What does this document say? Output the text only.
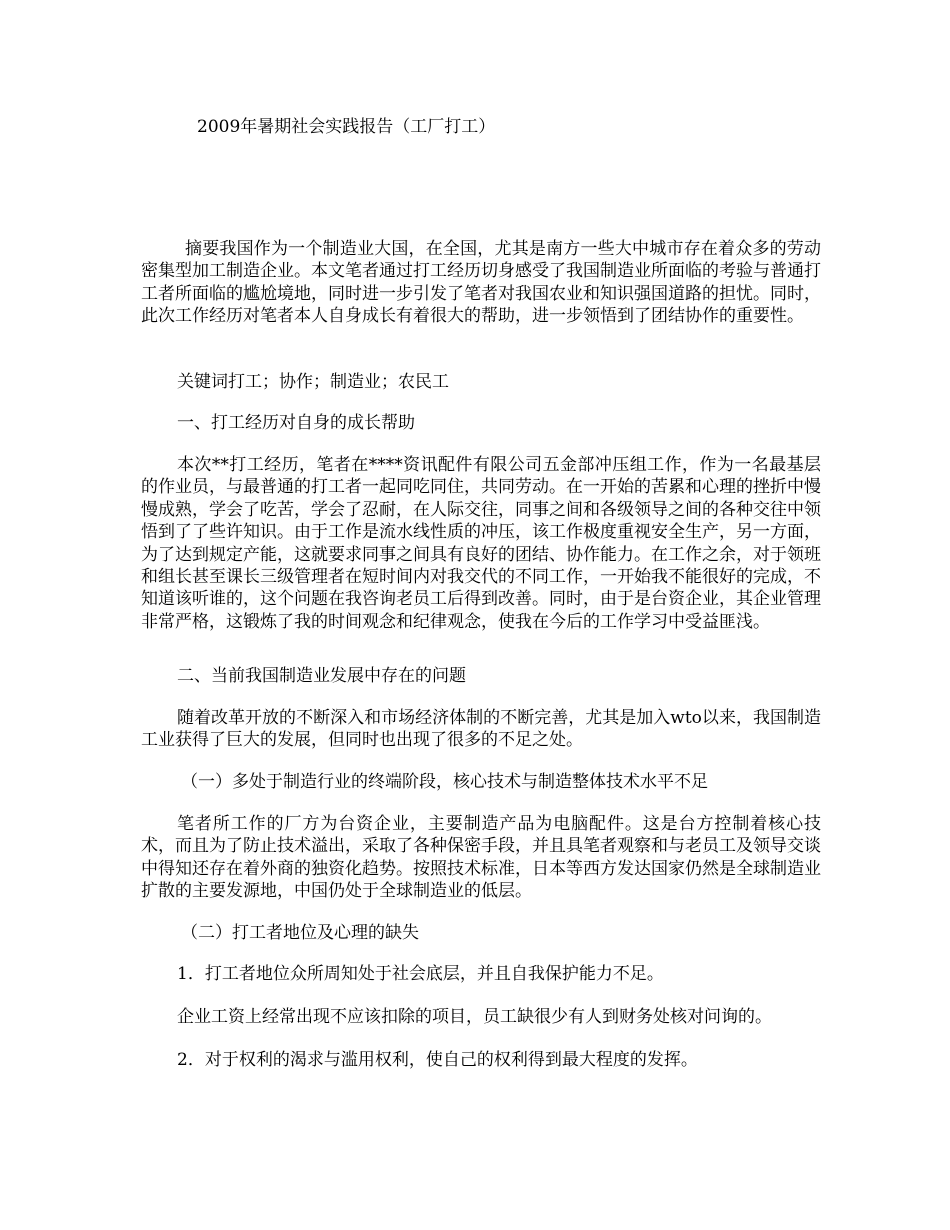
2009年暑期社会实践报告（工厂打工）

摘要我国作为一个制造业大国，在全国，尤其是南方一些大中城市存在着众多的劳动密集型加工制造企业。本文笔者通过打工经历切身感受了我国制造业所面临的考验与普通打工者所面临的尴尬境地，同时进一步引发了笔者对我国农业和知识强国道路的担忧。同时，此次工作经历对笔者本人自身成长有着很大的帮助，进一步领悟到了团结协作的重要性。

关键词打工；协作；制造业；农民工

一、打工经历对自身的成长帮助

本次**打工经历，笔者在****资讯配件有限公司五金部冲压组工作，作为一名最基层的作业员，与最普通的打工者一起同吃同住，共同劳动。在一开始的苦累和心理的挫折中慢慢成熟，学会了吃苦，学会了忍耐，在人际交往，同事之间和各级领导之间的各种交往中领悟到了了些许知识。由于工作是流水线性质的冲压，该工作极度重视安全生产，另一方面，为了达到规定产能，这就要求同事之间具有良好的团结、协作能力。在工作之余，对于领班和组长甚至课长三级管理者在短时间内对我交代的不同工作，一开始我不能很好的完成，不知道该听谁的，这个问题在我咨询老员工后得到改善。同时，由于是台资企业，其企业管理非常严格，这锻炼了我的时间观念和纪律观念，使我在今后的工作学习中受益匪浅。

二、当前我国制造业发展中存在的问题

随着改革开放的不断深入和市场经济体制的不断完善，尤其是加入wto以来，我国制造工业获得了巨大的发展，但同时也出现了很多的不足之处。

（一）多处于制造行业的终端阶段，核心技术与制造整体技术水平不足

笔者所工作的厂方为台资企业，主要制造产品为电脑配件。这是台方控制着核心技术，而且为了防止技术溢出，采取了各种保密手段，并且具笔者观察和与老员工及领导交谈中得知还存在着外商的独资化趋势。按照技术标准，日本等西方发达国家仍然是全球制造业扩散的主要发源地，中国仍处于全球制造业的低层。

（二）打工者地位及心理的缺失

1．打工者地位众所周知处于社会底层，并且自我保护能力不足。

企业工资上经常出现不应该扣除的项目，员工缺很少有人到财务处核对问询的。

2．对于权利的渴求与滥用权利，使自己的权利得到最大程度的发挥。
